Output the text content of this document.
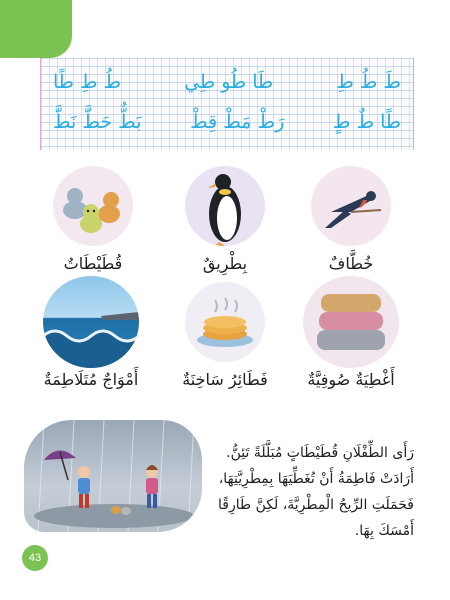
طَ طُ طِ
طَا طُو طِي
طُ طِ طًا
طًا طٌ طٍ
رَطْ مَطْ قِطْ
بَطٌّ حَطَّ نَطَّ
خُطَّافٌ
بِطْرِيقٌ
قُطَيْطَاتٌ
أَغْطِيَةٌ صُوفِيَّةٌ
فَطَائِرُ سَاخِنَةٌ
أَمْوَاجٌ مُتَلَاطِمَةٌ

رَأَى الطِّفْلَانِ قُطَيْطَاتٍ مُبَلَّلَةً تَئِنُّ.

أَرَادَتْ فَاطِمَةُ أَنْ تُغَطِّيَهَا بِمِطْرِيَّتِهَا،

فَحَمَلَتِ الرِّيحُ الْمِطْرِيَّةَ، لَكِنَّ طَارِقًا

أَمْسَكَ بِهَا.

43
